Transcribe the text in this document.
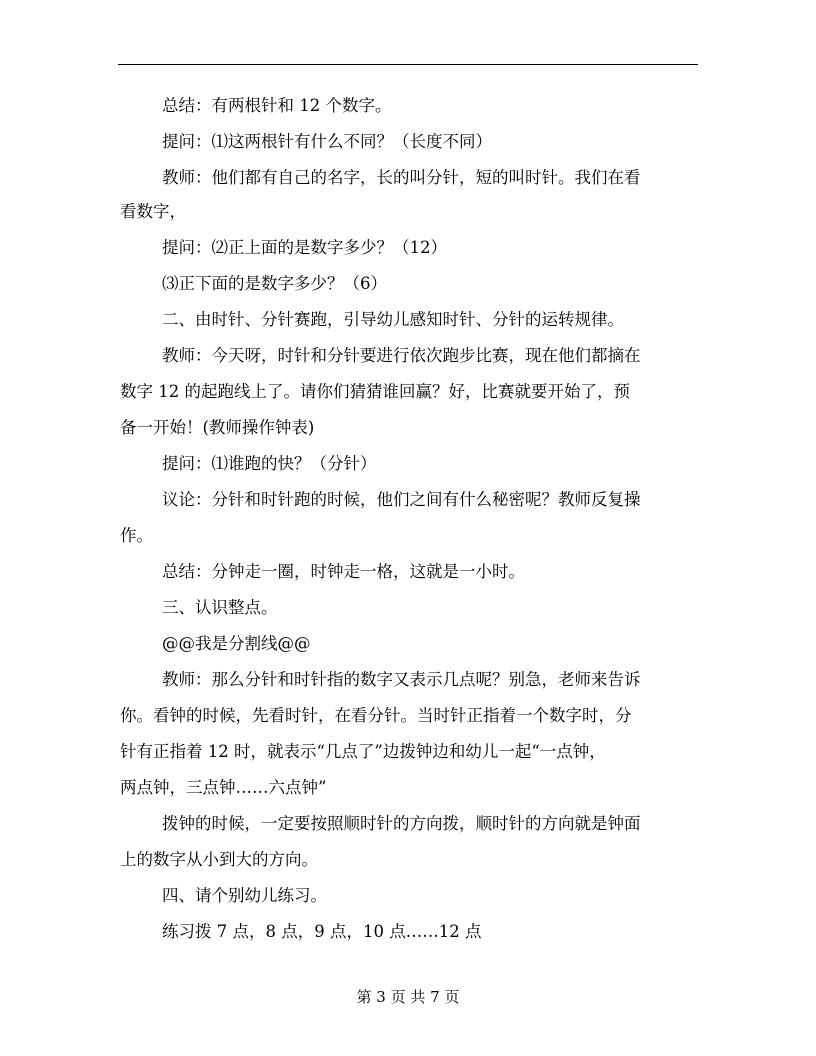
总结：有两根针和 12 个数字。
提问：⑴这两根针有什么不同？（长度不同）
教师：他们都有自己的名字，长的叫分针，短的叫时针。我们在看
看数字，
提问：⑵正上面的是数字多少？（12）
⑶正下面的是数字多少？（6）
二、由时针、分针赛跑，引导幼儿感知时针、分针的运转规律。
教师：今天呀，时针和分针要进行依次跑步比赛，现在他们都摘在
数字 12 的起跑线上了。请你们猜猜谁回赢？好，比赛就要开始了，预
备一开始！(教师操作钟表)
提问：⑴谁跑的快？（分针）
议论：分针和时针跑的时候，他们之间有什么秘密呢？教师反复操
作。
总结：分钟走一圈，时钟走一格，这就是一小时。
三、认识整点。
@@我是分割线@@
教师：那么分针和时针指的数字又表示几点呢？别急，老师来告诉
你。看钟的时候，先看时针，在看分针。当时针正指着一个数字时，分
针有正指着 12 时，就表示“几点了”边拨钟边和幼儿一起“一点钟，
两点钟，三点钟……六点钟”
拨钟的时候，一定要按照顺时针的方向拨，顺时针的方向就是钟面
上的数字从小到大的方向。
四、请个别幼儿练习。
练习拨 7 点，8 点，9 点，10 点……12 点
第 3 页 共 7 页
